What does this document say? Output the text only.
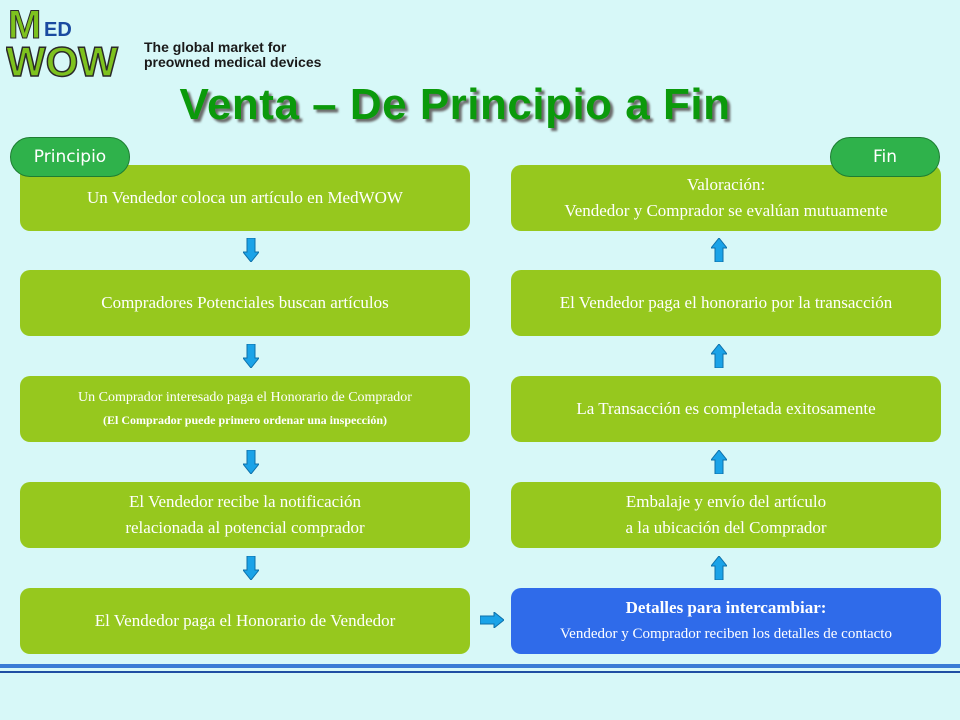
M ED
WOW The global market for
preowned medical devices
Venta – De Principio a Fin
Un Vendedor coloca un artículo en MedWOW
Compradores Potenciales buscan artículos
Un Comprador interesado paga el Honorario de Comprador
(El Comprador puede primero ordenar una inspección)
El Vendedor recibe la notificación
relacionada al potencial comprador
El Vendedor paga el Honorario de Vendedor
Valoración:
Vendedor y Comprador se evalúan mutuamente
El Vendedor paga el honorario por la transacción
La Transacción es completada exitosamente
Embalaje y envío del artículo
a la ubicación del Comprador
Detalles para intercambiar:
Vendedor y Comprador reciben los detalles de contacto
Principio	Fin
